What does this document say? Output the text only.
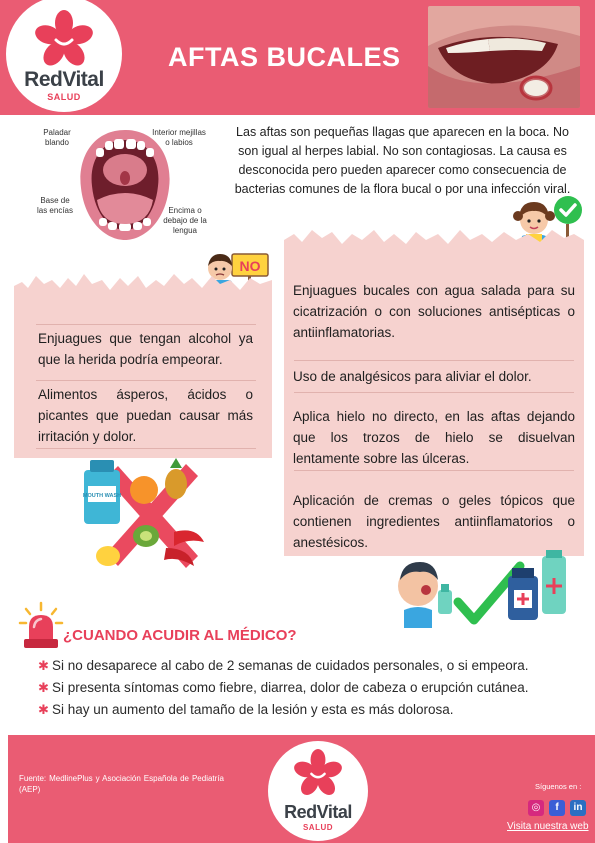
RedVital
SALUD
AFTAS BUCALES
Paladar
blando
Interior mejillas
o labios
Base de
las encías	Encima o
debajo de la
lengua
Las aftas son pequeñas llagas que aparecen en la boca. No son igual al herpes labial. No son contagiosas. La causa es desconocida pero pueden aparecer como consecuencia de bacterias comunes de la flora bucal o por una infección viral.
NO
Enjuagues que tengan alcohol ya que la herida podría empeorar.
Alimentos ásperos, ácidos o picantes que puedan causar más irritación y dolor.
Enjuagues bucales con agua salada para su cicatrización o con soluciones antisépticas o antiinflamatorias.
Uso de analgésicos para aliviar el dolor.
Aplica hielo no directo, en las aftas dejando que los trozos de hielo se disuelvan lentamente sobre las úlceras.
Aplicación de cremas o geles tópicos que contienen ingredientes antiinflamatorios o anestésicos.
MOUTH WASH
¿CUANDO ACUDIR AL MÉDICO?
✱ Si no desaparece al cabo de 2 semanas de cuidados personales, o si empeora.
✱ Si presenta síntomas como fiebre, diarrea, dolor de cabeza o erupción cutánea.
✱ Si hay un aumento del tamaño de la lesión y esta es más dolorosa.
Fuente: MedlinePlus y Asociación Española de Pediatría (AEP)
RedVital
SALUD
Síguenos en :
◎	f	in
Visita nuestra web
